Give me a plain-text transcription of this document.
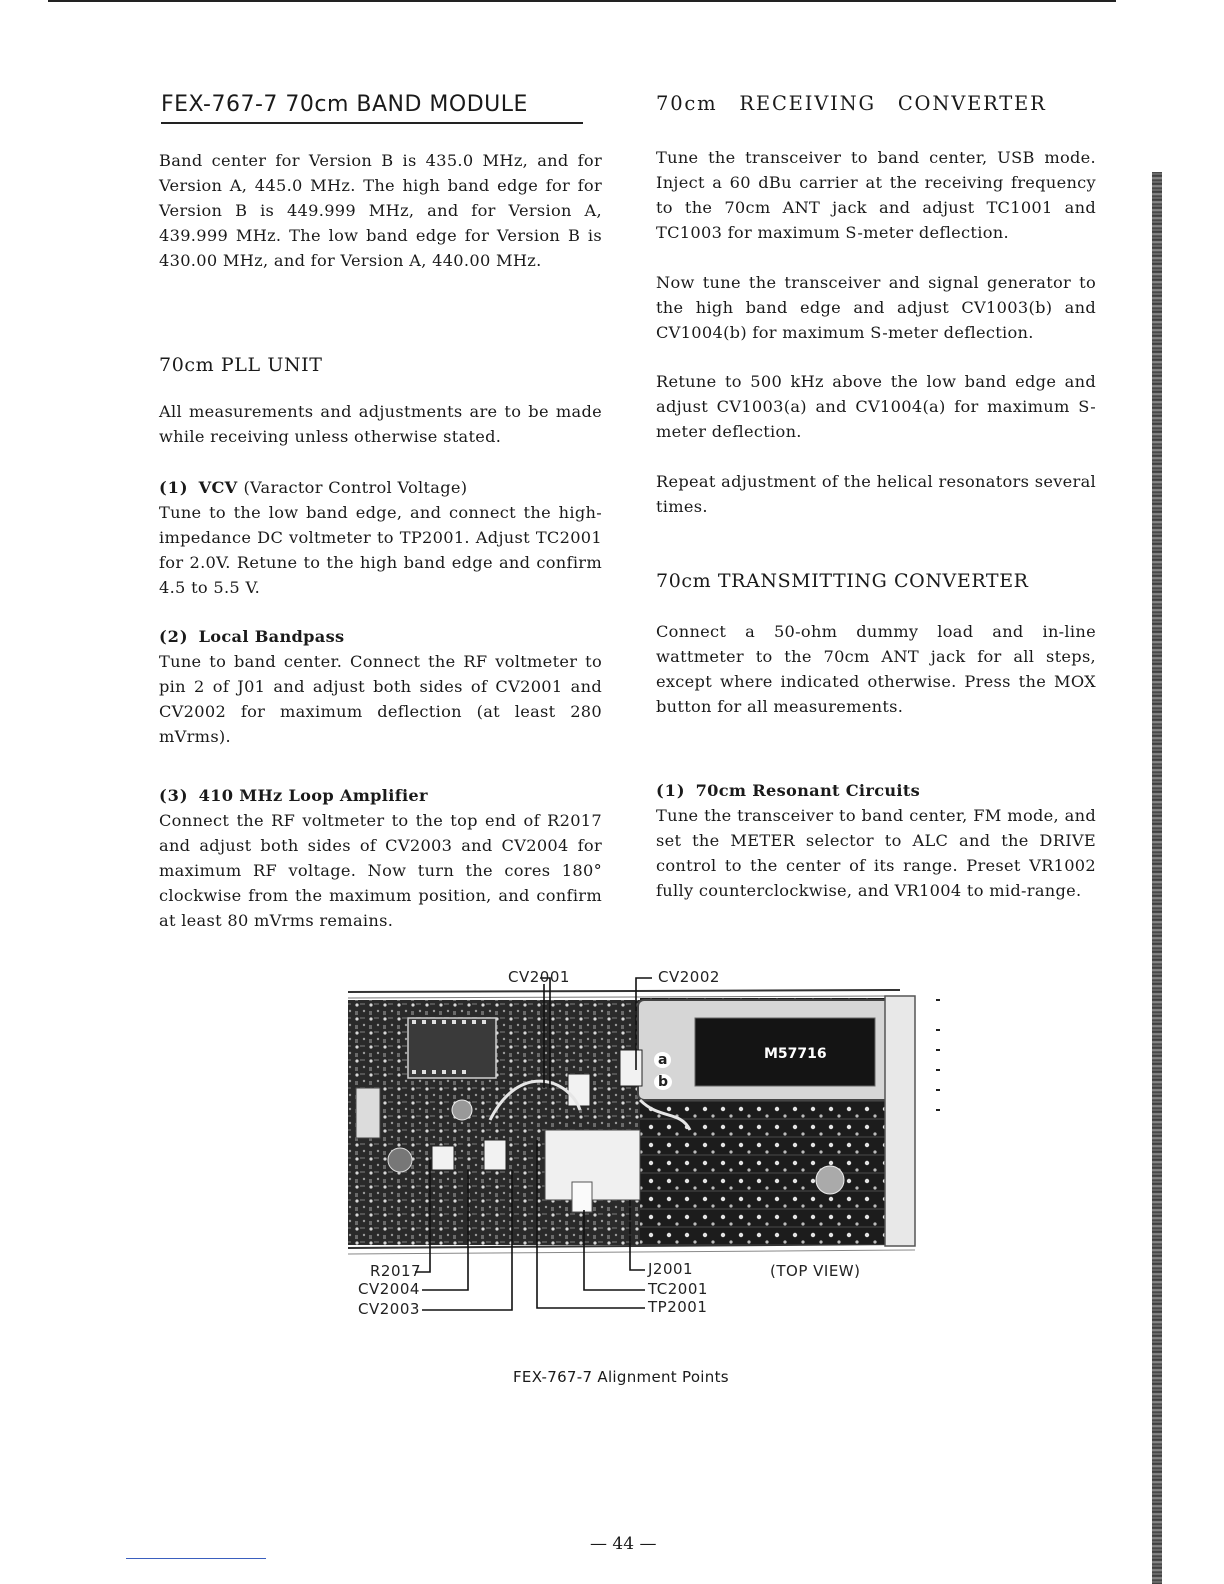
FEX-767-7 70cm BAND MODULE

Band center for Version B is 435.0 MHz, and for Version A, 445.0 MHz. The high band edge for for Version B is 449.999 MHz, and for Version A, 439.999 MHz. The low band edge for Version B is 430.00 MHz, and for Version A, 440.00 MHz.

70cm PLL UNIT

All measurements and adjustments are to be made while receiving unless otherwise stated.

(1) VCV (Varactor Control Voltage)

Tune to the low band edge, and connect the high-impedance DC voltmeter to TP2001. Adjust TC2001 for 2.0V. Retune to the high band edge and confirm 4.5 to 5.5 V.

(2) Local Bandpass

Tune to band center. Connect the RF voltmeter to pin 2 of J01 and adjust both sides of CV2001 and CV2002 for maximum deflection (at least 280 mVrms).

(3) 410 MHz Loop Amplifier

Connect the RF voltmeter to the top end of R2017 and adjust both sides of CV2003 and CV2004 for maximum RF voltage. Now turn the cores 180° clockwise from the maximum position, and confirm at least 80 mVrms remains.

70cm RECEIVING CONVERTER

Tune the transceiver to band center, USB mode. Inject a 60 dBu carrier at the receiving frequency to the 70cm ANT jack and adjust TC1001 and TC1003 for maximum S-meter deflection.

Now tune the transceiver and signal generator to the high band edge and adjust CV1003(b) and CV1004(b) for maximum S-meter deflection.

Retune to 500 kHz above the low band edge and adjust CV1003(a) and CV1004(a) for maximum S-meter deflection.

Repeat adjustment of the helical resonators several times.

70cm TRANSMITTING CONVERTER

Connect a 50-ohm dummy load and in-line wattmeter to the 70cm ANT jack for all steps, except where indicated otherwise. Press the MOX button for all measurements.

(1) 70cm Resonant Circuits

Tune the transceiver to band center, FM mode, and set the METER selector to ALC and the DRIVE control to the center of its range. Preset VR1002 fully counterclockwise, and VR1004 to mid-range.

M57716
a
b
CV2001	CV2002
R2017
CV2004
CV2003
J2001
TC2001
TP2001
(TOP VIEW)
FEX-767-7 Alignment Points
— 44 —
